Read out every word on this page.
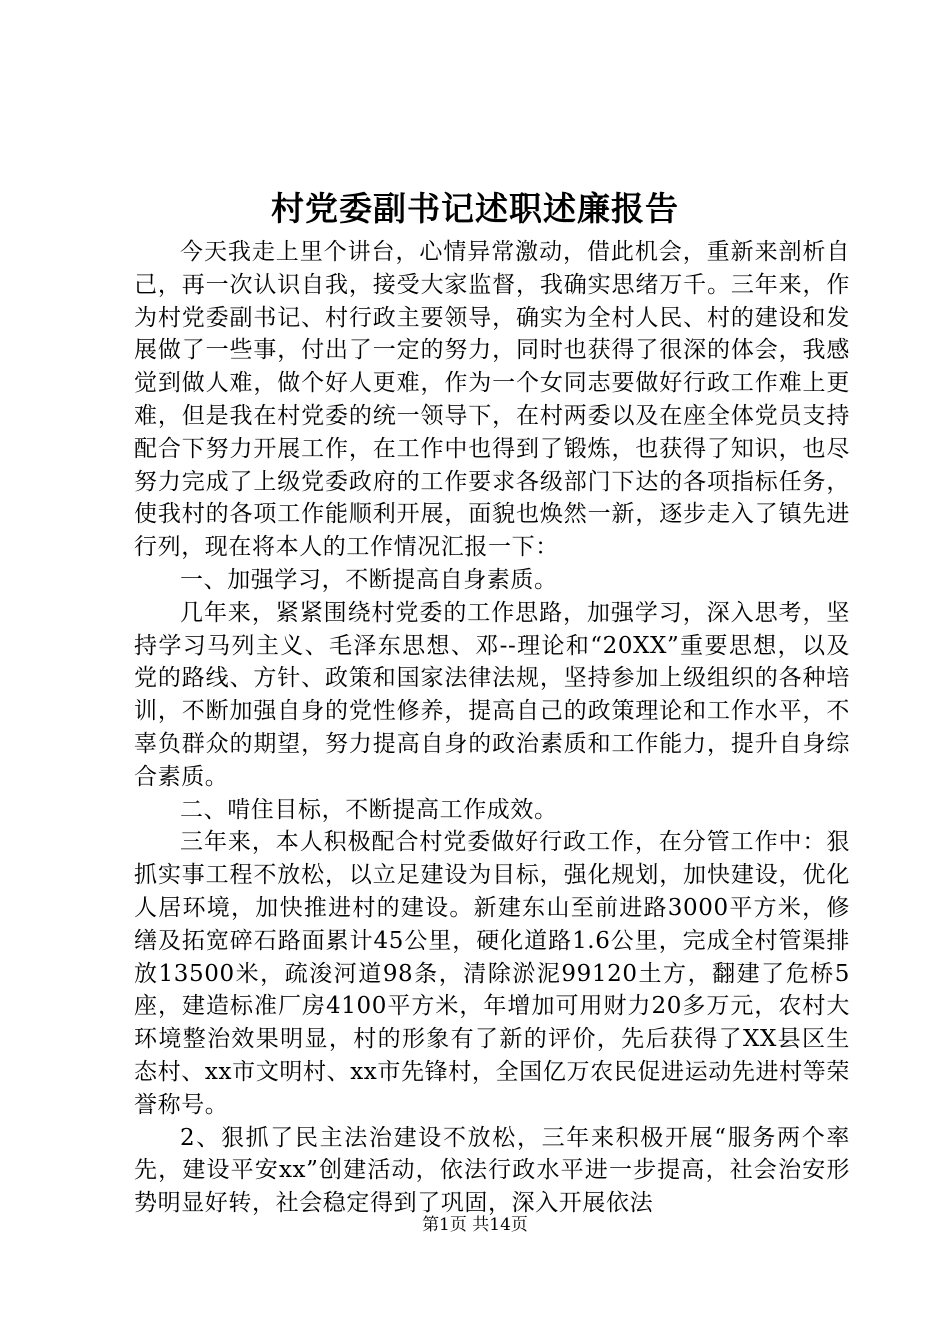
村党委副书记述职述廉报告

今天我走上里个讲台，心情异常激动，借此机会，重新来剖析自己，再一次认识自我，接受大家监督，我确实思绪万千。三年来，作为村党委副书记、村行政主要领导，确实为全村人民、村的建设和发展做了一些事，付出了一定的努力，同时也获得了很深的体会，我感觉到做人难，做个好人更难，作为一个女同志要做好行政工作难上更难，但是我在村党委的统一领导下，在村两委以及在座全体党员支持配合下努力开展工作，在工作中也得到了锻炼，也获得了知识，也尽努力完成了上级党委政府的工作要求各级部门下达的各项指标任务，使我村的各项工作能顺利开展，面貌也焕然一新，逐步走入了镇先进行列，现在将本人的工作情况汇报一下：

一、加强学习，不断提高自身素质。

几年来，紧紧围绕村党委的工作思路，加强学习，深入思考，坚持学习马列主义、毛泽东思想、邓--理论和“20XX”重要思想，以及党的路线、方针、政策和国家法律法规，坚持参加上级组织的各种培训，不断加强自身的党性修养，提高自己的政策理论和工作水平，不辜负群众的期望，努力提高自身的政治素质和工作能力，提升自身综合素质。

二、啃住目标，不断提高工作成效。

三年来，本人积极配合村党委做好行政工作，在分管工作中：狠抓实事工程不放松，以立足建设为目标，强化规划，加快建设，优化人居环境，加快推进村的建设。新建东山至前进路3000平方米，修缮及拓宽碎石路面累计45公里，硬化道路1.6公里，完成全村管渠排放13500米，疏浚河道98条，清除淤泥99120土方，翻建了危桥5座，建造标准厂房4100平方米，年增加可用财力20多万元，农村大环境整治效果明显，村的形象有了新的评价，先后获得了XX县区生态村、xx市文明村、xx市先锋村，全国亿万农民促进运动先进村等荣誉称号。

2、狠抓了民主法治建设不放松，三年来积极开展“服务两个率先，建设平安xx”创建活动，依法行政水平进一步提高，社会治安形势明显好转，社会稳定得到了巩固，深入开展依法

第1页 共14页
